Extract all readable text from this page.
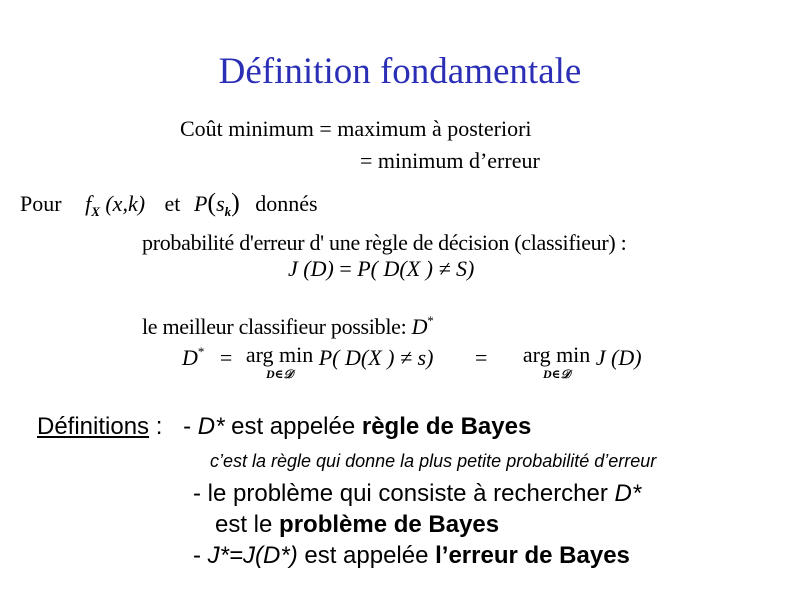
Définition fondamentale
Coût minimum = maximum à posteriori
= minimum d’erreur
Pour $f_X$ (x,k) et $P(s_k)$ donnés
probabilité d'erreur d' une règle de décision (classifieur) :
J (D) = P( D(X ) ≠ S)
le meilleur classifieur possible: D*
D* = arg min
D∈𝒟
P( D(X ) ≠ s) = arg min
D∈𝒟
J (D)
Définitions : - D* est appelée règle de Bayes
c’est la règle qui donne la plus petite probabilité d’erreur
- le problème qui consiste à rechercher D*
est le problème de Bayes
- J*=J(D*) est appelée l’erreur de Bayes
